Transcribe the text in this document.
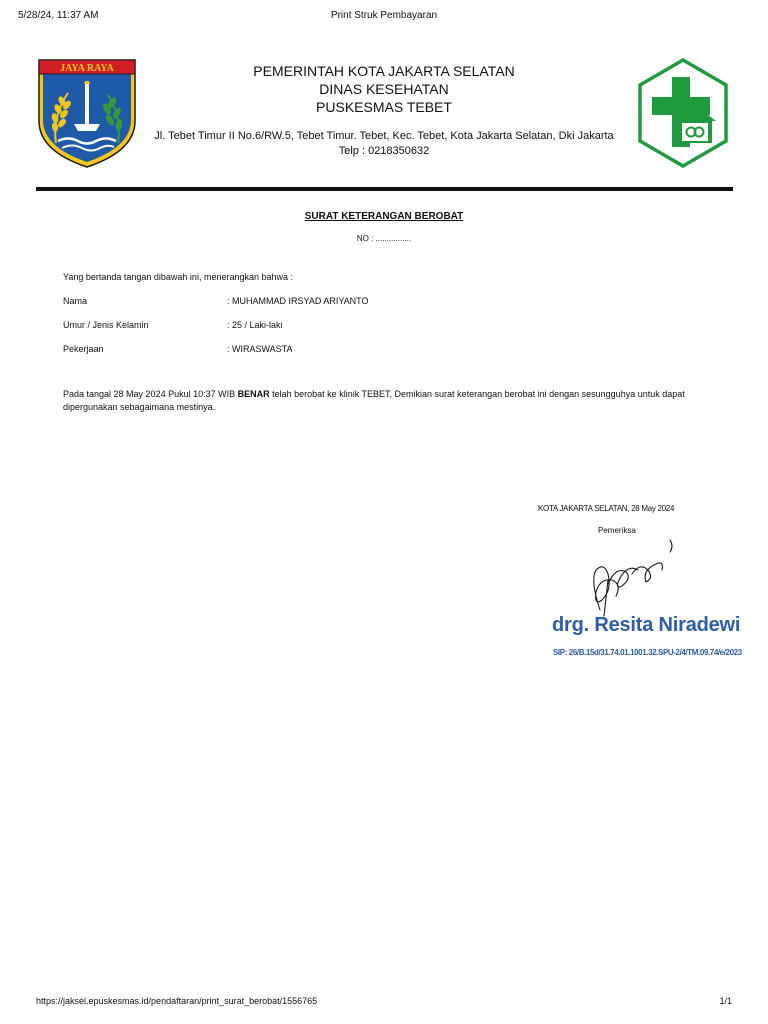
5/28/24, 11:37 AM	Print Struk Pembayaran
JAYA RAYA	PEMERINTAH KOTA JAKARTA SELATAN
DINAS KESEHATAN
PUSKESMAS TEBET
Jl. Tebet Timur II No.6/RW.5, Tebet Timur. Tebet, Kec. Tebet, Kota Jakarta Selatan, Dki Jakarta
Telp : 0218350632
SURAT KETERANGAN BEROBAT
NO : ................
Yang bertanda tangan dibawah ini, menerangkan bahwa :
Nama	: MUHAMMAD IRSYAD ARIYANTO
Umur / Jenis Kelamin	: 25 / Laki-laki
Pekerjaan	: WIRASWASTA
Pada tangal 28 May 2024 Pukul 10:37 WIB BENAR telah berobat ke klinik TEBET, Demikian surat keterangan berobat ini dengan sesungguhya untuk dapat dipergunakan sebagaimana mestinya.
KOTA JAKARTA SELATAN, 28 May 2024
Pemeriksa
drg. Resita Niradewi
SIP: 26/B.15d/31.74.01.1001.32.SPU-2/4/TM.09.74/e/2023
https://jaksel.epuskesmas.id/pendaftaran/print_surat_berobat/1556765	1/1
